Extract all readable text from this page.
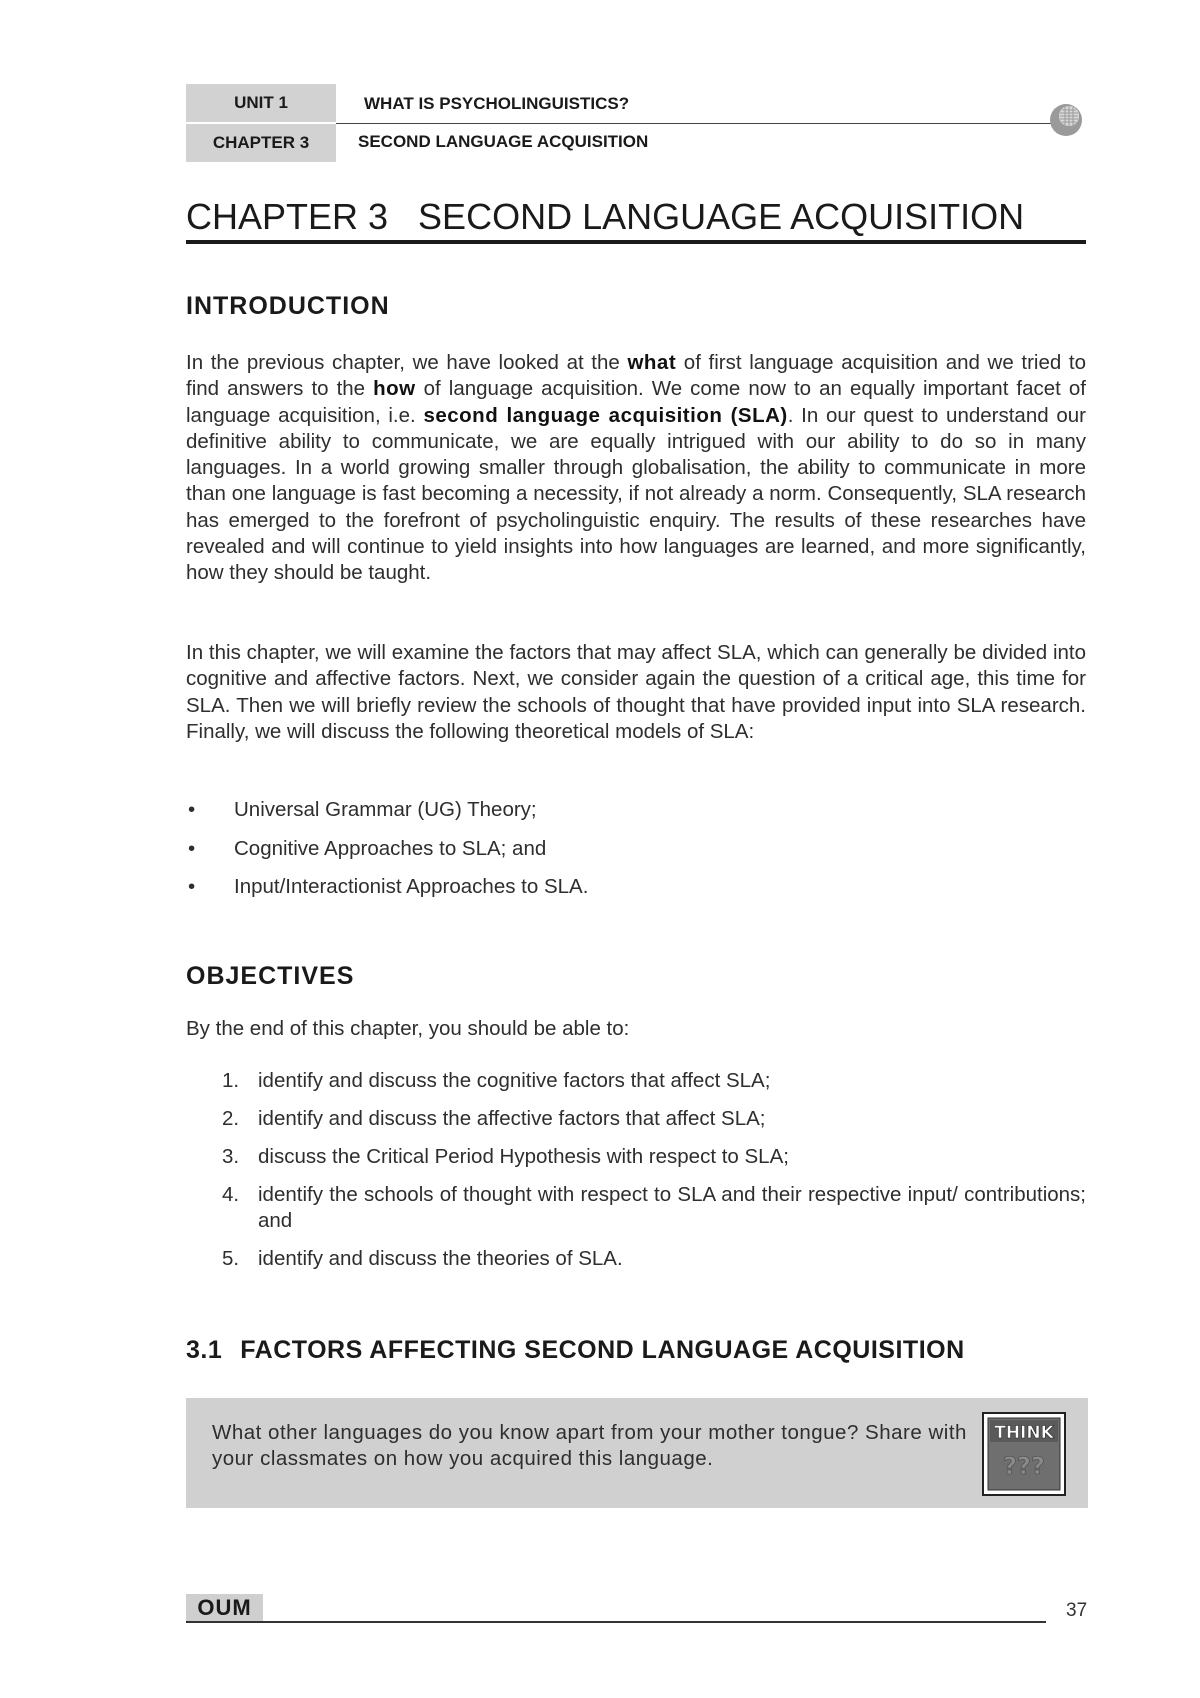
UNIT 1	WHAT IS PSYCHOLINGUISTICS?
CHAPTER 3	SECOND LANGUAGE ACQUISITION
CHAPTER 3 SECOND LANGUAGE ACQUISITION
INTRODUCTION

In the previous chapter, we have looked at the what of first language acquisition and we tried to find answers to the how of language acquisition. We come now to an equally important facet of language acquisition, i.e. second language acquisition (SLA). In our quest to understand our definitive ability to communicate, we are equally intrigued with our ability to do so in many languages. In a world growing smaller through globalisation, the ability to communicate in more than one language is fast becoming a necessity, if not already a norm. Consequently, SLA research has emerged to the forefront of psycholinguistic enquiry. The results of these researches have revealed and will continue to yield insights into how languages are learned, and more significantly, how they should be taught.

In this chapter, we will examine the factors that may affect SLA, which can generally be divided into cognitive and affective factors. Next, we consider again the question of a critical age, this time for SLA. Then we will briefly review the schools of thought that have provided input into SLA research. Finally, we will discuss the following theoretical models of SLA:

• Universal Grammar (UG) Theory;
• Cognitive Approaches to SLA; and
• Input/Interactionist Approaches to SLA.
OBJECTIVES

By the end of this chapter, you should be able to:

1. identify and discuss the cognitive factors that affect SLA;
2. identify and discuss the affective factors that affect SLA;
3. discuss the Critical Period Hypothesis with respect to SLA;
4. identify the schools of thought with respect to SLA and their respective input/ contributions; and
5. identify and discuss the theories of SLA.
3.1 FACTORS AFFECTING SECOND LANGUAGE ACQUISITION
What other languages do you know apart from your mother tongue? Share with your classmates on how you acquired this language.
THINK
???
OUM	37
